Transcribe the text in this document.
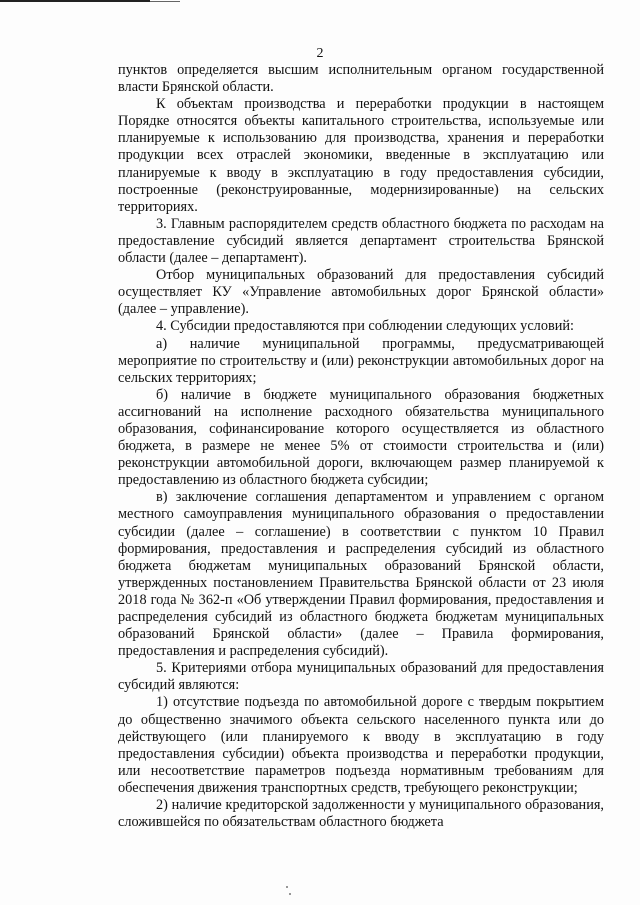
2

пунктов определяется высшим исполнительным органом государственной власти Брянской области.

К объектам производства и переработки продукции в настоящем Порядке относятся объекты капитального строительства, используемые или планируемые к использованию для производства, хранения и переработки продукции всех отраслей экономики, введенные в эксплуатацию или планируемые к вводу в эксплуатацию в году предоставления субсидии, построенные (реконструированные, модернизированные) на сельских территориях.

3. Главным распорядителем средств областного бюджета по расходам на предоставление субсидий является департамент строительства Брянской области (далее – департамент).

Отбор муниципальных образований для предоставления субсидий осуществляет КУ «Управление автомобильных дорог Брянской области» (далее – управление).

4. Субсидии предоставляются при соблюдении следующих условий:

а) наличие муниципальной программы, предусматривающей мероприятие по строительству и (или) реконструкции автомобильных дорог на сельских территориях;

б) наличие в бюджете муниципального образования бюджетных ассигнований на исполнение расходного обязательства муниципального образования, софинансирование которого осуществляется из областного бюджета, в размере не менее 5% от стоимости строительства и (или) реконструкции автомобильной дороги, включающем размер планируемой к предоставлению из областного бюджета субсидии;

в) заключение соглашения департаментом и управлением с органом местного самоуправления муниципального образования о предоставлении субсидии (далее – соглашение) в соответствии с пунктом 10 Правил формирования, предоставления и распределения субсидий из областного бюджета бюджетам муниципальных образований Брянской области, утвержденных постановлением Правительства Брянской области от 23 июля 2018 года № 362-п «Об утверждении Правил формирования, предоставления и распределения субсидий из областного бюджета бюджетам муниципальных образований Брянской области» (далее – Правила формирования, предоставления и распределения субсидий).

5. Критериями отбора муниципальных образований для предоставления субсидий являются:

1) отсутствие подъезда по автомобильной дороге с твердым покрытием до общественно значимого объекта сельского населенного пункта или до действующего (или планируемого к вводу в эксплуатацию в году предоставления субсидии) объекта производства и переработки продукции, или несоответствие параметров подъезда нормативным требованиям для обеспечения движения транспортных средств, требующего реконструкции;

2) наличие кредиторской задолженности у муниципального образования, сложившейся по обязательствам областного бюджета
